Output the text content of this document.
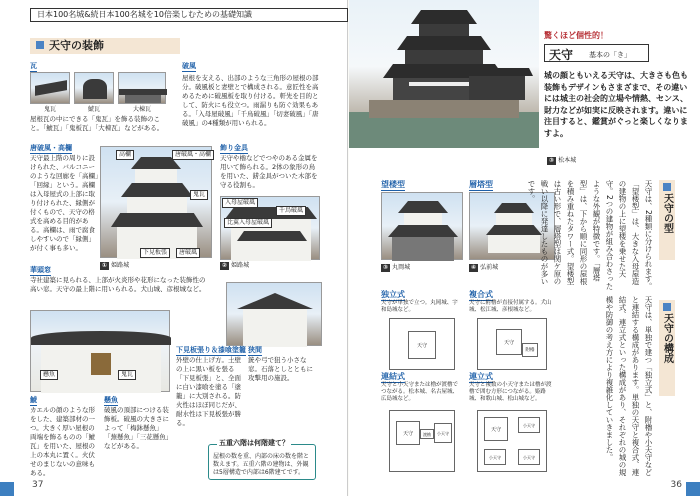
日本100名城&続日本100名城を10倍楽しむための基礎知識
天守の装飾
瓦
鬼瓦	鯱瓦	大棟瓦
屋根瓦の中にできる「鬼瓦」を飾る装飾のこと。「鯱瓦」「鬼板瓦」「大棟瓦」などがある。
破風
屋根を支える、出部のような三角形の屋根の部分。破風板と妻壁とで構成される。意匠性を高めるために破風板を取り付ける。軒先を目的として、防火にも役立つ。雨漏りも防ぐ効果もある。「入母屋破風」「千鳥破風」「切妻破風」「唐破風」の4種類が用いられる。
唐破風・高欄
天守最上階の周りに設けられた、バルコニーのような回廊を「高欄」「回縁」という。高欄は入母屋式の上部に取り付けられた、縁側が付くもので、天守の格式を高める目的がある。高欄は、雨で腐食しやすいので「縁側」が付く事も多い。
高欄	唐破風・高欄
鬼瓦
下見板張	唐破風
① 姫路城
飾り金具
天守や櫓などでつやのある金属を用いて飾られる。2体の象形の鳥を用いた、錺金具がついた木部を守る役割も。
入母屋破風
千鳥破風
比翼入母屋破風
② 姫路城
華頭窓
寺社建築に見られる、上部が火炎形や花形になった装飾性の高い窓。天守の最上階に用いられる。犬山城、彦根城など。
懸魚	鬼瓦
鯱
カエルの顔のような形をした、建築部材の一つ。大きく厚い屋根の両端を飾るものの「鯱瓦」を用いた、屋根の上の本丸に置く。火伏せのまじないの意味もある。
懸魚
破風の頂部につける装飾板。破風の大きさによって「梅鉢懸魚」「蕪懸魚」「三花懸魚」などがある。
下見板張り＆漆喰塗籠
外壁の仕上げ方。土壁の上に黒い板を張る「下見板張」と、全面に白い漆喰を塗る「塗籠」に大別される。防火性はほぼ同じだが、耐水性は下見板張が勝る。
狭間
銃や弓で狙う小さな窓。石落としとともに攻撃用の施設。
五重六階は何階建て？
屋根の数を重、内部の床の数を階と数えます。五重六階の建物は、外観は5層構造で内部は6階建てです。
37
③ 松本城
驚くほど個性的！
天守 基本の「き」
城の顔ともいえる天守は、大きさも色も装飾もデザインもさまざまで、その違いには城主の社会的立場や情熱、センス、財力などが如実に反映されます。違いに注目すると、鑑賞がぐっと楽しくなりますよ。
望楼型	層塔型
③ 丸岡城	④ 弘前城	天守は、2種類に分けられます。「望楼型」は、大きな入母屋造の建物の上に望楼を乗せた天守。2つの建物が組み合わさったような外観が特徴です。「層塔型」は、下から順に同形の屋根を積み重ねたタワー式。望楼型は古い形で、層塔型は関ケ原の戦い以降に発達したものが多いです。
天守の型
独立式
天守が単独で立つ。丸岡城、宇和島城など。
天守
複合式
天守に附櫓が直接付属する。犬山城、松江城、彦根城など。
天守
附櫓
連結式
天守と小天守または櫓が渡櫓でつながる。松本城、名古屋城、広島城など。
天守	渡櫓	小天守
連立式
天守と複数の小天守または櫓が渡櫓で囲む方形につながる。姫路城、和歌山城、松山城など。
天守
小天守
小天守	小天守	天守は、単独で建つ「独立式」と、附櫓や小天守などと連結する構成があります。単独の天守と複合式、連結式、連立式といった構成があり、それぞれの城の規模や防御の考え方により複雑化していきました。	天守の構成
36
